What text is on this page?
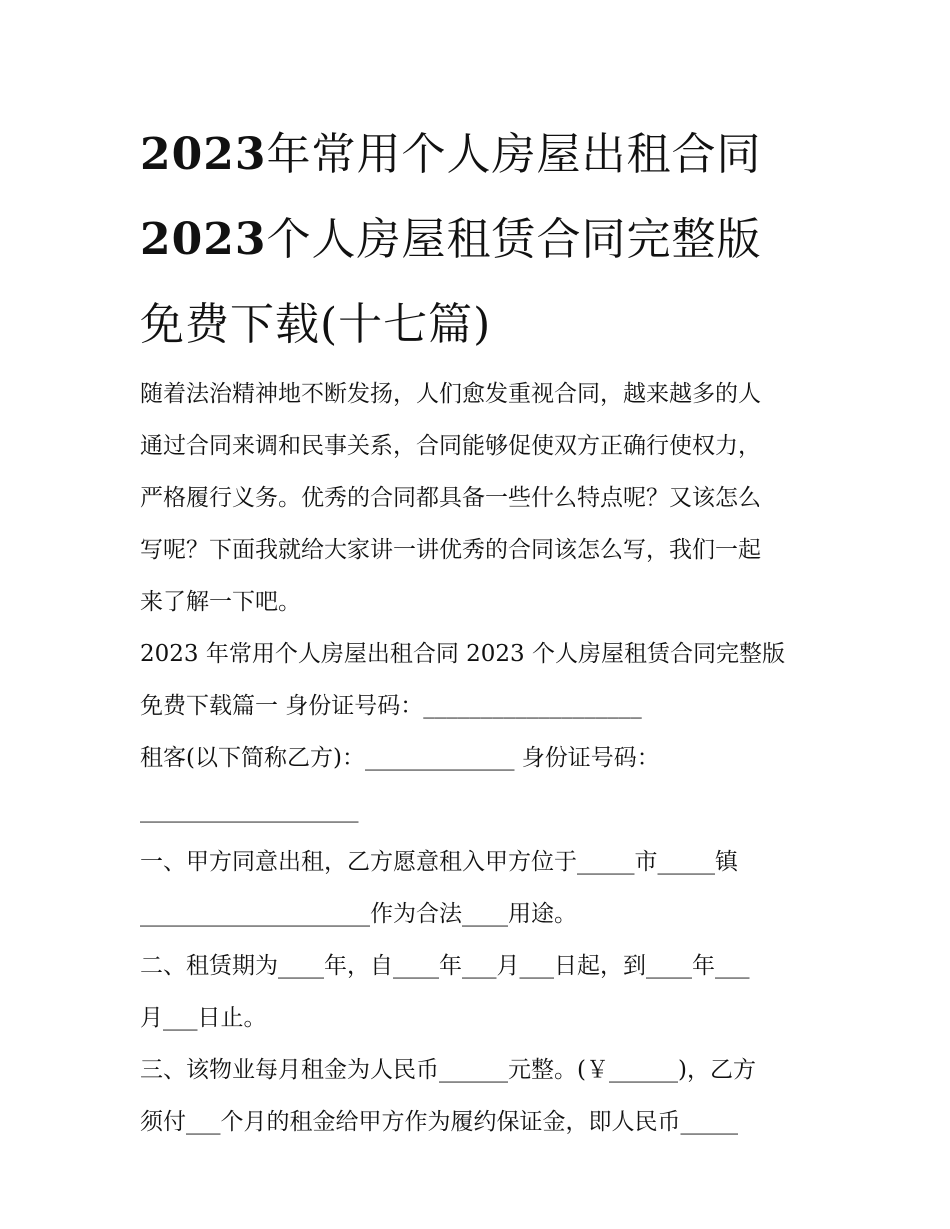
2023年常用个人房屋出租合同
2023个人房屋租赁合同完整版
免费下载(十七篇)
随着法治精神地不断发扬，人们愈发重视合同，越来越多的人
通过合同来调和民事关系，合同能够促使双方正确行使权力，
严格履行义务。优秀的合同都具备一些什么特点呢？又该怎么
写呢？下面我就给大家讲一讲优秀的合同该怎么写，我们一起
来了解一下吧。
2023 年常用个人房屋出租合同 2023 个人房屋租赁合同完整版
免费下载篇一 身份证号码：___________________
租客(以下简称乙方)：_____________ 身份证号码：
___________________
一、甲方同意出租，乙方愿意租入甲方位于_____市_____镇
____________________作为合法____用途。
二、租赁期为____年，自____年___月___日起，到____年___
月___日止。
三、该物业每月租金为人民币______元整。(￥______)，乙方
须付___个月的租金给甲方作为履约保证金，即人民币_____
